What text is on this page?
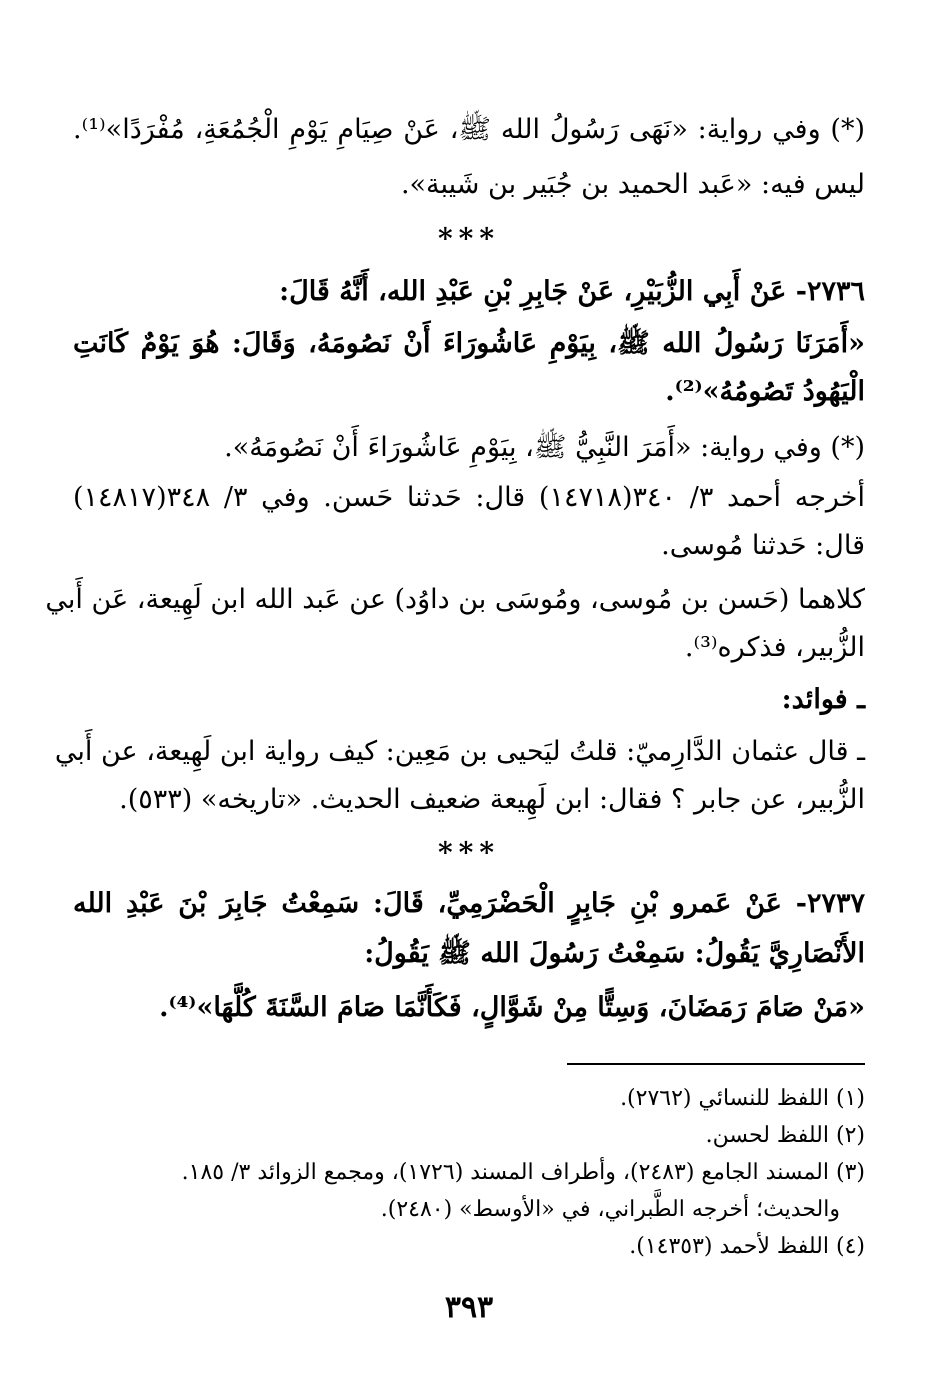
(*) وفي رواية: «نَهَى رَسُولُ الله ﷺ، عَنْ صِيَامِ يَوْمِ الْجُمُعَةِ، مُفْرَدًا»⁽¹⁾.
ليس فيه: «عَبد الحميد بن جُبَير بن شَيبة».
***
٢٧٣٦- عَنْ أَبِي الزُّبَيْرِ، عَنْ جَابِرِ بْنِ عَبْدِ الله، أَنَّهُ قَالَ:
«أَمَرَنَا رَسُولُ الله ﷺ، بِيَوْمِ عَاشُورَاءَ أَنْ نَصُومَهُ، وَقَالَ: هُوَ يَوْمٌ كَانَتِ
الْيَهُودُ تَصُومُهُ»⁽²⁾.
(*) وفي رواية: «أَمَرَ النَّبِيُّ ﷺ، بِيَوْمِ عَاشُورَاءَ أَنْ نَصُومَهُ».
أخرجه أحمد ٣/ ٣٤٠(١٤٧١٨) قال: حَدثنا حَسن. وفي ٣/ ٣٤٨(١٤٨١٧)
قال: حَدثنا مُوسى.
كلاهما (حَسن بن مُوسى، ومُوسَى بن داوُد) عن عَبد الله ابن لَهِيعة، عَن أَبي
الزُّبير، فذكره⁽³⁾.
ـ فوائد:
ـ قال عثمان الدَّارِميّ: قلتُ ليَحيى بن مَعِين: كيف رواية ابن لَهِيعة، عن أَبي
الزُّبير، عن جابر ؟ فقال: ابن لَهِيعة ضعيف الحديث. «تاريخه» (٥٣٣).
***
٢٧٣٧- عَنْ عَمرو بْنِ جَابِرٍ الْحَضْرَمِيِّ، قَالَ: سَمِعْتُ جَابِرَ بْنَ عَبْدِ الله
الأَنْصَارِيَّ يَقُولُ: سَمِعْتُ رَسُولَ الله ﷺ يَقُولُ:
«مَنْ صَامَ رَمَضَانَ، وَسِتًّا مِنْ شَوَّالٍ، فَكَأَنَّمَا صَامَ السَّنَةَ كُلَّهَا»⁽⁴⁾.
(١) اللفظ للنسائي (٢٧٦٢).
(٢) اللفظ لحسن.
(٣) المسند الجامع (٢٤٨٣)، وأطراف المسند (١٧٢٦)، ومجمع الزوائد ٣/ ١٨٥.
والحديث؛ أخرجه الطَّبراني، في «الأوسط» (٢٤٨٠).
(٤) اللفظ لأحمد (١٤٣٥٣).
٣٩٣
